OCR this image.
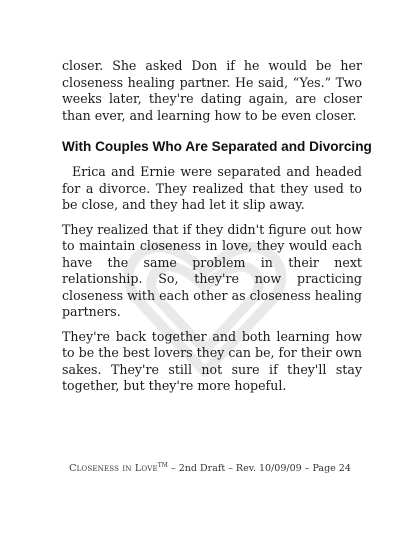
closer. She asked Don if he would be her closeness healing partner. He said, “Yes.” Two weeks later, they're dating again, are closer than ever, and learning how to be even closer.

With Couples Who Are Separated and Divorcing

Erica and Ernie were separated and headed for a divorce. They realized that they used to be close, and they had let it slip away.

They realized that if they didn't figure out how to maintain closeness in love, they would each have the same problem in their next relationship. So, they're now practicing closeness with each other as closeness healing partners.

They're back together and both learning how to be the best lovers they can be, for their own sakes. They're still not sure if they'll stay together, but they're more hopeful.

Closeness in Love™ – 2nd Draft – Rev. 10/09/09 – Page 24
